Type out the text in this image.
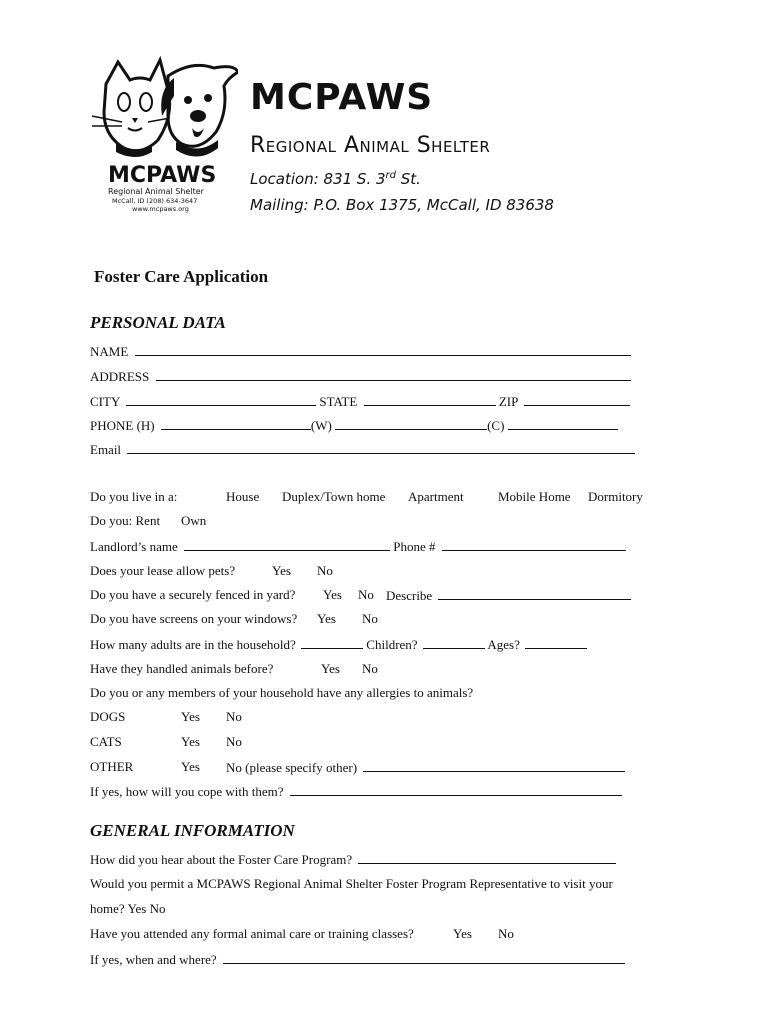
MCPAWS
Regional Animal Shelter
McCall, ID (208) 634-3647
www.mcpaws.org
MCPAWS
Regional Animal Shelter
Location: 831 S. 3rd St.
Mailing: P.O. Box 1375, McCall, ID 83638
Foster Care Application
PERSONAL DATA
NAME
ADDRESS
CITY	STATE	ZIP
PHONE (H)	(W)	(C)
Email
Do you live in a:	House Duplex/Town home Apartment	Mobile Home Dormitory
Do you: Rent Own
Landlord’s name	Phone #
Does your lease allow pets?	Yes No
Do you have a securely fenced in yard? Yes No Describe
Do you have screens on your windows? Yes No
How many adults are in the household?	Children?	Ages?
Have they handled animals before?	Yes No
Do you or any members of your household have any allergies to animals?
DOGS	Yes No
CATS	Yes No
OTHER	Yes No (please specify other)
If yes, how will you cope with them?
GENERAL INFORMATION
How did you hear about the Foster Care Program?
Would you permit a MCPAWS Regional Animal Shelter Foster Program Representative to visit your
home? Yes No
Have you attended any formal animal care or training classes?	Yes No
If yes, when and where?
